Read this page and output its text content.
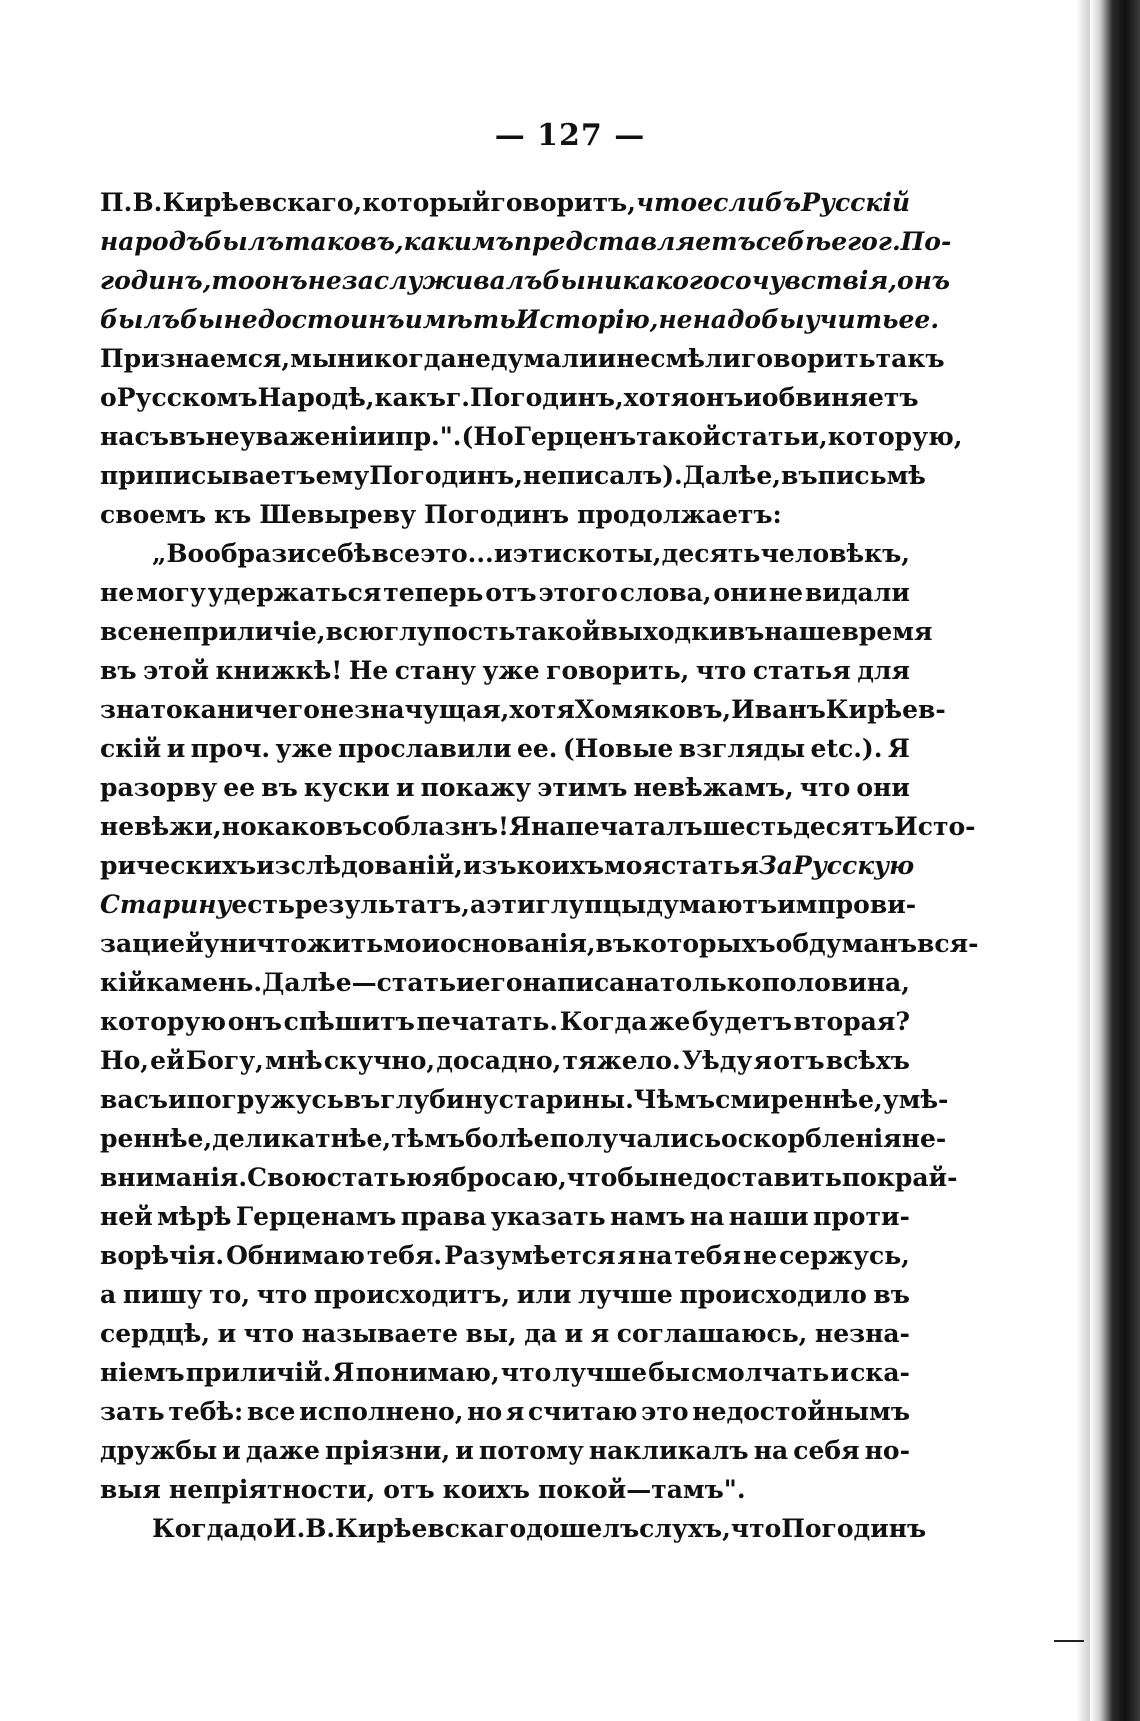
— 127 —
П. В. Кирѣевскаго, который говоритъ, что еслибъ Русскій
народъ былъ таковъ, какимъ представляетъ себѣ его г. По-
годинъ, то онъ не заслуживалъ бы никакого сочувствія, онъ
былъ бы недостоинъ имѣть Исторію, не надо бы учить ее.
Признаемся, мы никогда не думали и не смѣли говорить такъ
о Русскомъ Народѣ, какъ г. Погодинъ, хотя онъ и обвиняетъ
насъ въ неуваженіи и пр.". (Но Герценъ такой статьи, которую,
приписываетъ ему Погодинъ, не писалъ). Далѣе, въ письмѣ
своемъ къ Шевыреву Погодинъ продолжаетъ:
„Вообрази себѣ все это... и эти скоты, десять человѣкъ,
не могу удержаться теперь отъ этого слова, они не видали
все неприличіе, всю глупость такой выходки въ наше время
въ этой книжкѣ! Не стану уже говорить, что статья для
знатока ничего не значущая, хотя Хомяковъ, Иванъ Кирѣев-
скій и проч. уже прославили ее. (Новые взгляды etc.). Я
разорву ее въ куски и покажу этимъ невѣжамъ, что они
невѣжи, но каковъ соблазнъ! Я напечаталъ шестьдесятъ Исто-
рическихъ изслѣдованій, изъ коихъ моя статья За Русскую
Старину есть результатъ, а эти глупцы думаютъ импрови-
зацией уничтожить мои основанія, въ которыхъ обдуманъ вся-
кій камень. Далѣе—статьи его написана только половина,
которую онъ спѣшитъ печатать. Когда же будетъ вторая?
Но, ей Богу, мнѣ скучно, досадно, тяжело. Уѣду я отъ всѣхъ
васъ и погружусь въ глубину старины. Чѣмъ смиреннѣе, умѣ-
реннѣе, деликатнѣе, тѣмъ болѣе получались оскорбленія не-
вниманія. Свою статью я бросаю, чтобы не доставить по край-
ней мѣрѣ Герценамъ права указать намъ на наши проти-
ворѣчія. Обнимаю тебя. Разумѣется я на тебя не сержусь,
а пишу то, что происходитъ, или лучше происходило въ
сердцѣ, и что называете вы, да и я соглашаюсь, незна-
ніемъ приличій. Я понимаю, что лучше бы смолчать и ска-
зать тебѣ: все исполнено, но я считаю это недостойнымъ
дружбы и даже пріязни, и потому накликалъ на себя но-
выя непріятности, отъ коихъ покой—тамъ".
Когда до И. В. Кирѣевскаго дошелъ слухъ, что Погодинъ
